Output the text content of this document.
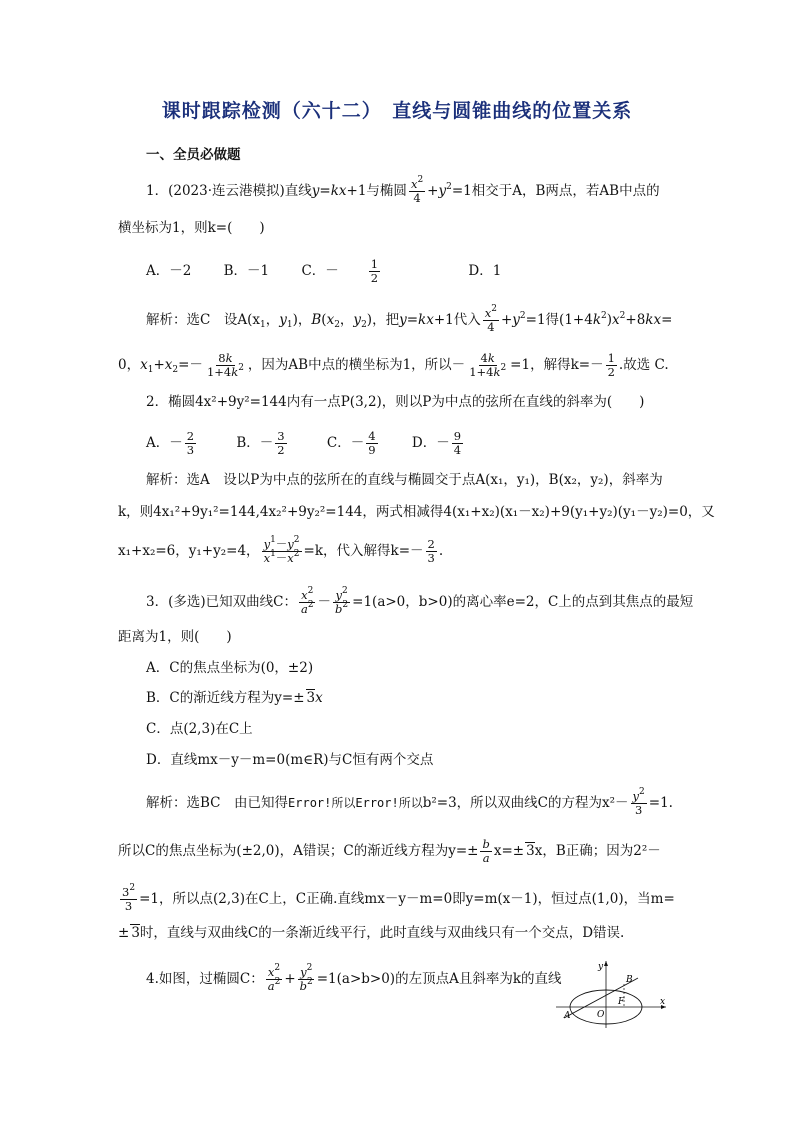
课时跟踪检测（六十二）　直线与圆锥曲线的位置关系
一、全员必做题
1．(2023·连云港模拟)直线y=kx+1与椭圆 $\frac{x^2}{4} +y^2=1$相交于A，B两点，若AB中点的
横坐标为1，则k=(　　)
A．－2 B．－1 C．－	$\frac{1}{2}$	D．1
解析：选C　设$A(x_1$，$y_1$)，$B(x_2$，$y_2$)，把y=kx+1代入 $\frac{x^2}{4} +y^2=1$得$(1+4k^2)x^2+8kx=$
0，$x_1+x_2=- \frac{8k}{1+4k^2}$ ，因为AB中点的横坐标为1，所以－ $\frac{4k}{1+4k^2} =1$，解得$k=- \frac{1}{2}$ .故选 C.
2．椭圆4x²+9y²=144内有一点P(3,2)，则以P为中点的弦所在直线的斜率为(　　)
A．－ $\frac{2}{3}$	B．－ $\frac{3}{2}$	C．－ $\frac{4}{9}$	D．－ $\frac{9}{4}$
解析：选A　设以P为中点的弦所在的直线与椭圆交于点A(x₁，y₁)，B(x₂，y₂)，斜率为
k，则4x₁²+9y₁²=144,4x₂²+9y₂²=144，两式相减得4(x₁+x₂)(x₁－x₂)+9(y₁+y₂)(y₁－y₂)=0，又
x₁+x₂=6，y₁+y₂=4， $\frac{y^1-y^2}{x^1-x^2} =k$，代入解得$k=- \frac{2}{3}$ .
3．(多选)已知双曲线C： $\frac{x^2}{a^2} - \frac{y^2}{b^2} =1(a>0$，b>0)的离心率e=2，C上的点到其焦点的最短
距离为1，则(　　)
A．C的焦点坐标为(0，±2)
B．C的渐近线方程为y=± 3x
C．点(2,3)在C上
D．直线mx－y－m=0(m∈R)与C恒有两个交点
解析：选BC　由已知得Error!所以Error!所以b²=3，所以双曲线C的方程为$x^2- \frac{y^2}{3} =1$.
所以C的焦点坐标为(±2,0)，A错误；C的渐近线方程为$y=\pm \frac{b}{a} x=\pm 3x$，B正确；因为2²－
$\frac{3^2}{3} =1$，所以点(2,3)在C上，C正确.直线mx－y－m=0即y=m(x－1)，恒过点(1,0)，当m=
± 3时，直线与双曲线C的一条渐近线平行，此时直线与双曲线只有一个交点，D错误.
4.如图，过椭圆C： $\frac{x^2}{a^2} + \frac{y^2}{b^2} =1(a>b>0)$的左顶点A且斜率为k的直线
y
x
B
O
F
A
